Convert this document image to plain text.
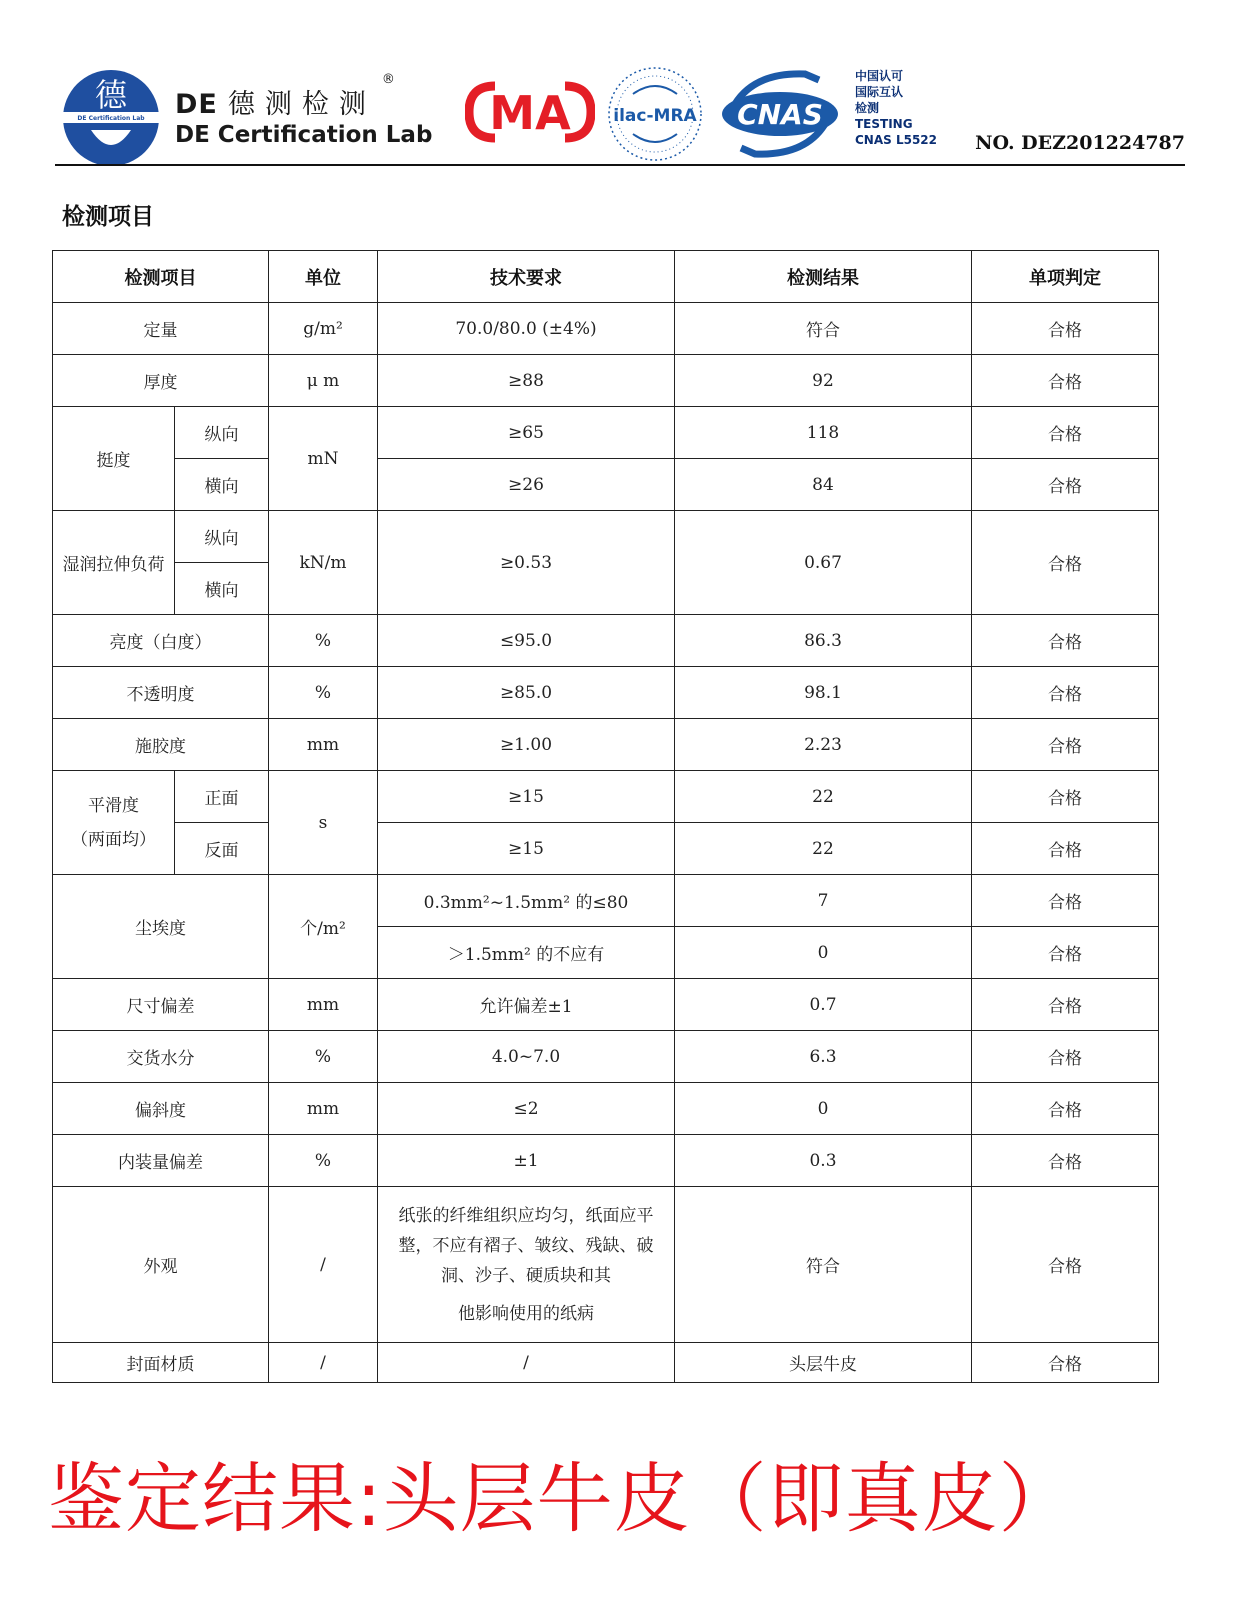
德
DE Certification Lab DE 德测检测
®
DE Certification Lab MA	ilac-MRA CNAS
中国认可
国际互认
检测
TESTING
CNAS L5522 NO. DEZ201224787
检测项目
检测项目		单位	技术要求	检测结果	单项判定
定量		g/m²	70.0/80.0 (±4%)	符合	合格
厚度		μ m	≥88	92	合格
挺度	纵向	mN	≥65	118	合格
	横向		≥26	84	合格
湿润拉伸负荷	纵向	kN/m	≥0.53	0.67	合格
	横向				
亮度（白度）		%	≤95.0	86.3	合格
不透明度		%	≥85.0	98.1	合格
施胶度		mm	≥1.00	2.23	合格

平滑度
（两面均）	正面	s	≥15	22	合格
	反面		≥15	22	合格
尘埃度		个/m²	0.3mm²~1.5mm² 的≤80	7	合格
			＞1.5mm² 的不应有	0	合格
尺寸偏差		mm	允许偏差±1	0.7	合格
交货水分		%	4.0~7.0	6.3	合格
偏斜度		mm	≤2	0	合格
内装量偏差		%	±1	0.3	合格
外观		/	纸张的纤维组织应均匀，纸面应平整，不应有褶子、皱纹、残缺、破洞、沙子、硬质块和其
他影响使用的纸病	符合	合格
封面材质		/	/	头层牛皮	合格
鉴定结果:头层牛皮（即真皮）
